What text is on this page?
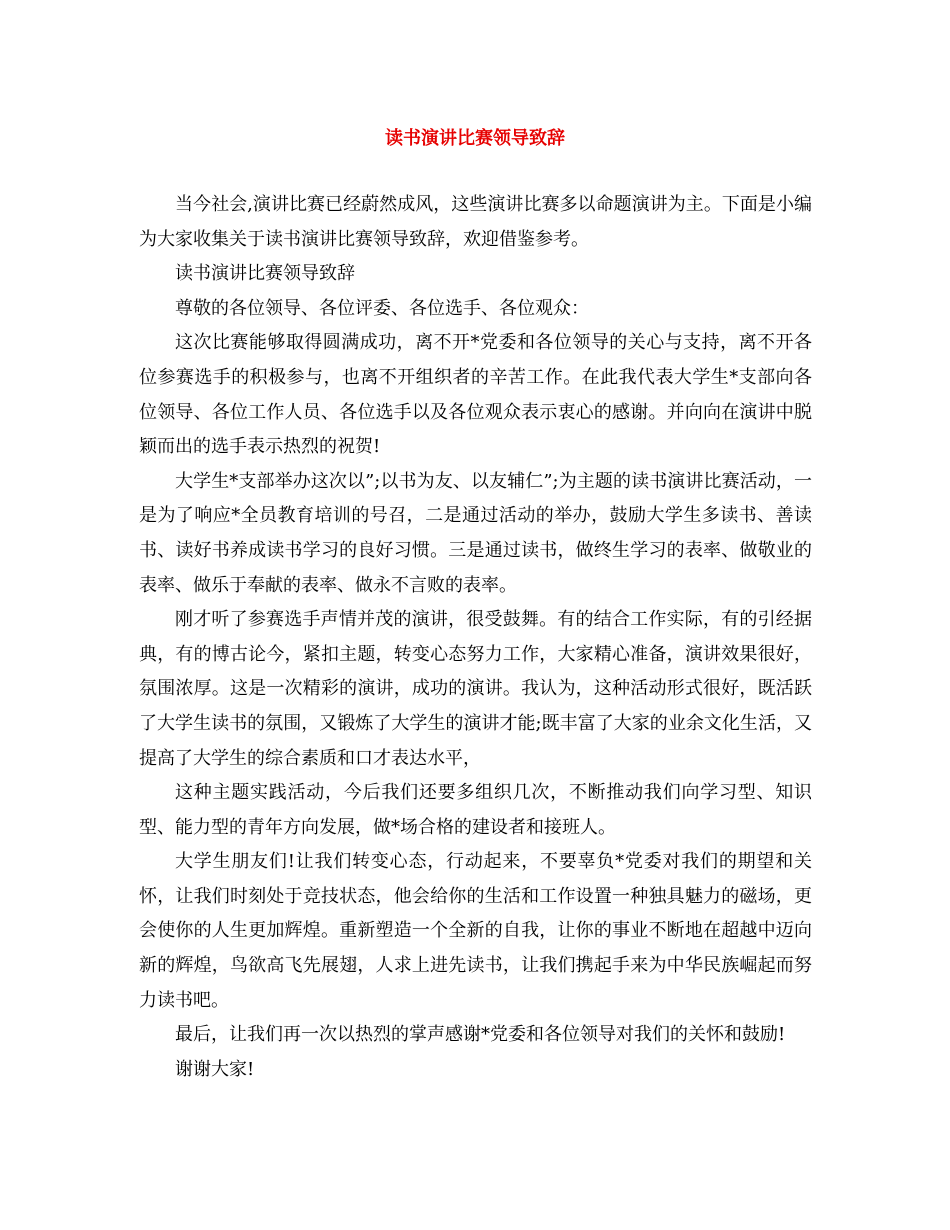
读书演讲比赛领导致辞

当今社会,演讲比赛已经蔚然成风，这些演讲比赛多以命题演讲为主。下面是小编为大家收集关于读书演讲比赛领导致辞，欢迎借鉴参考。

读书演讲比赛领导致辞

尊敬的各位领导、各位评委、各位选手、各位观众：

这次比赛能够取得圆满成功，离不开*党委和各位领导的关心与支持，离不开各位参赛选手的积极参与，也离不开组织者的辛苦工作。在此我代表大学生*支部向各位领导、各位工作人员、各位选手以及各位观众表示衷心的感谢。并向向在演讲中脱颖而出的选手表示热烈的祝贺!

大学生*支部举办这次以”;以书为友、以友辅仁”;为主题的读书演讲比赛活动，一是为了响应*全员教育培训的号召，二是通过活动的举办，鼓励大学生多读书、善读书、读好书养成读书学习的良好习惯。三是通过读书，做终生学习的表率、做敬业的表率、做乐于奉献的表率、做永不言败的表率。

刚才听了参赛选手声情并茂的演讲，很受鼓舞。有的结合工作实际，有的引经据典，有的博古论今，紧扣主题，转变心态努力工作，大家精心准备，演讲效果很好，氛围浓厚。这是一次精彩的演讲，成功的演讲。我认为，这种活动形式很好，既活跃了大学生读书的氛围，又锻炼了大学生的演讲才能;既丰富了大家的业余文化生活，又提高了大学生的综合素质和口才表达水平，

这种主题实践活动，今后我们还要多组织几次，不断推动我们向学习型、知识型、能力型的青年方向发展，做*场合格的建设者和接班人。

大学生朋友们!让我们转变心态，行动起来，不要辜负*党委对我们的期望和关怀，让我们时刻处于竞技状态，他会给你的生活和工作设置一种独具魅力的磁场，更会使你的人生更加辉煌。重新塑造一个全新的自我，让你的事业不断地在超越中迈向新的辉煌，鸟欲高飞先展翅，人求上进先读书，让我们携起手来为中华民族崛起而努力读书吧。

最后，让我们再一次以热烈的掌声感谢*党委和各位领导对我们的关怀和鼓励!

谢谢大家!
